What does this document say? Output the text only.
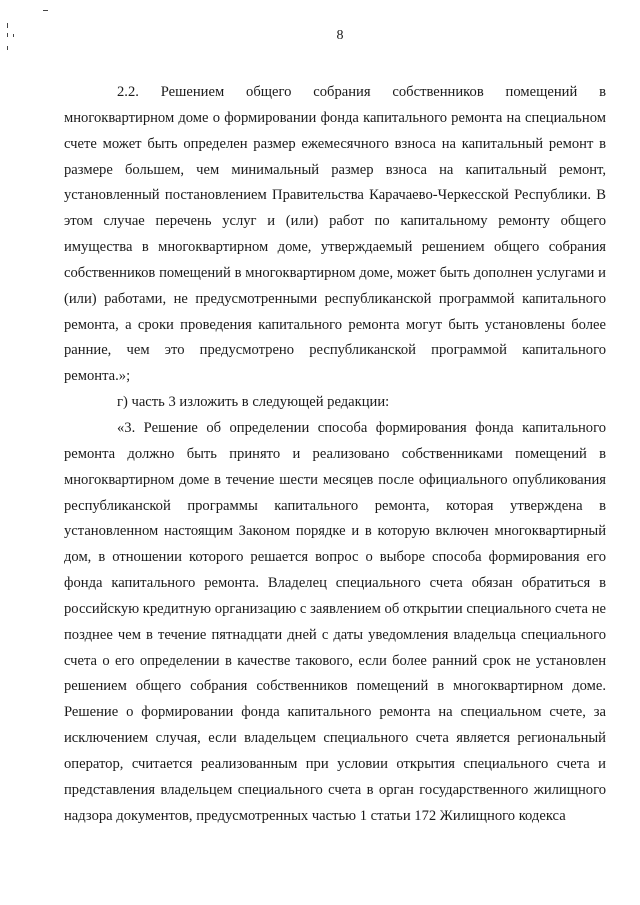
8

2.2. Решением общего собрания собственников помещений в многоквартирном доме о формировании фонда капитального ремонта на специальном счете может быть определен размер ежемесячного взноса на капитальный ремонт в размере большем, чем минимальный размер взноса на капитальный ремонт, установленный постановлением Правительства Карачаево-Черкесской Республики. В этом случае перечень услуг и (или) работ по капитальному ремонту общего имущества в многоквартирном доме, утверждаемый решением общего собрания собственников помещений в многоквартирном доме, может быть дополнен услугами и (или) работами, не предусмотренными республиканской программой капитального ремонта, а сроки проведения капитального ремонта могут быть установлены более ранние, чем это предусмотрено республиканской программой капитального ремонта.»;

г) часть 3 изложить в следующей редакции:

«3. Решение об определении способа формирования фонда капитального ремонта должно быть принято и реализовано собственниками помещений в многоквартирном доме в течение шести месяцев после официального опубликования республиканской программы капитального ремонта, которая утверждена в установленном настоящим Законом порядке и в которую включен многоквартирный дом, в отношении которого решается вопрос о выборе способа формирования его фонда капитального ремонта. Владелец специального счета обязан обратиться в российскую кредитную организацию с заявлением об открытии специального счета не позднее чем в течение пятнадцати дней с даты уведомления владельца специального счета о его определении в качестве такового, если более ранний срок не установлен решением общего собрания собственников помещений в многоквартирном доме. Решение о формировании фонда капитального ремонта на специальном счете, за исключением случая, если владельцем специального счета является региональный оператор, считается реализованным при условии открытия специального счета и представления владельцем специального счета в орган государственного жилищного надзора документов, предусмотренных частью 1 статьи 172 Жилищного кодекса
